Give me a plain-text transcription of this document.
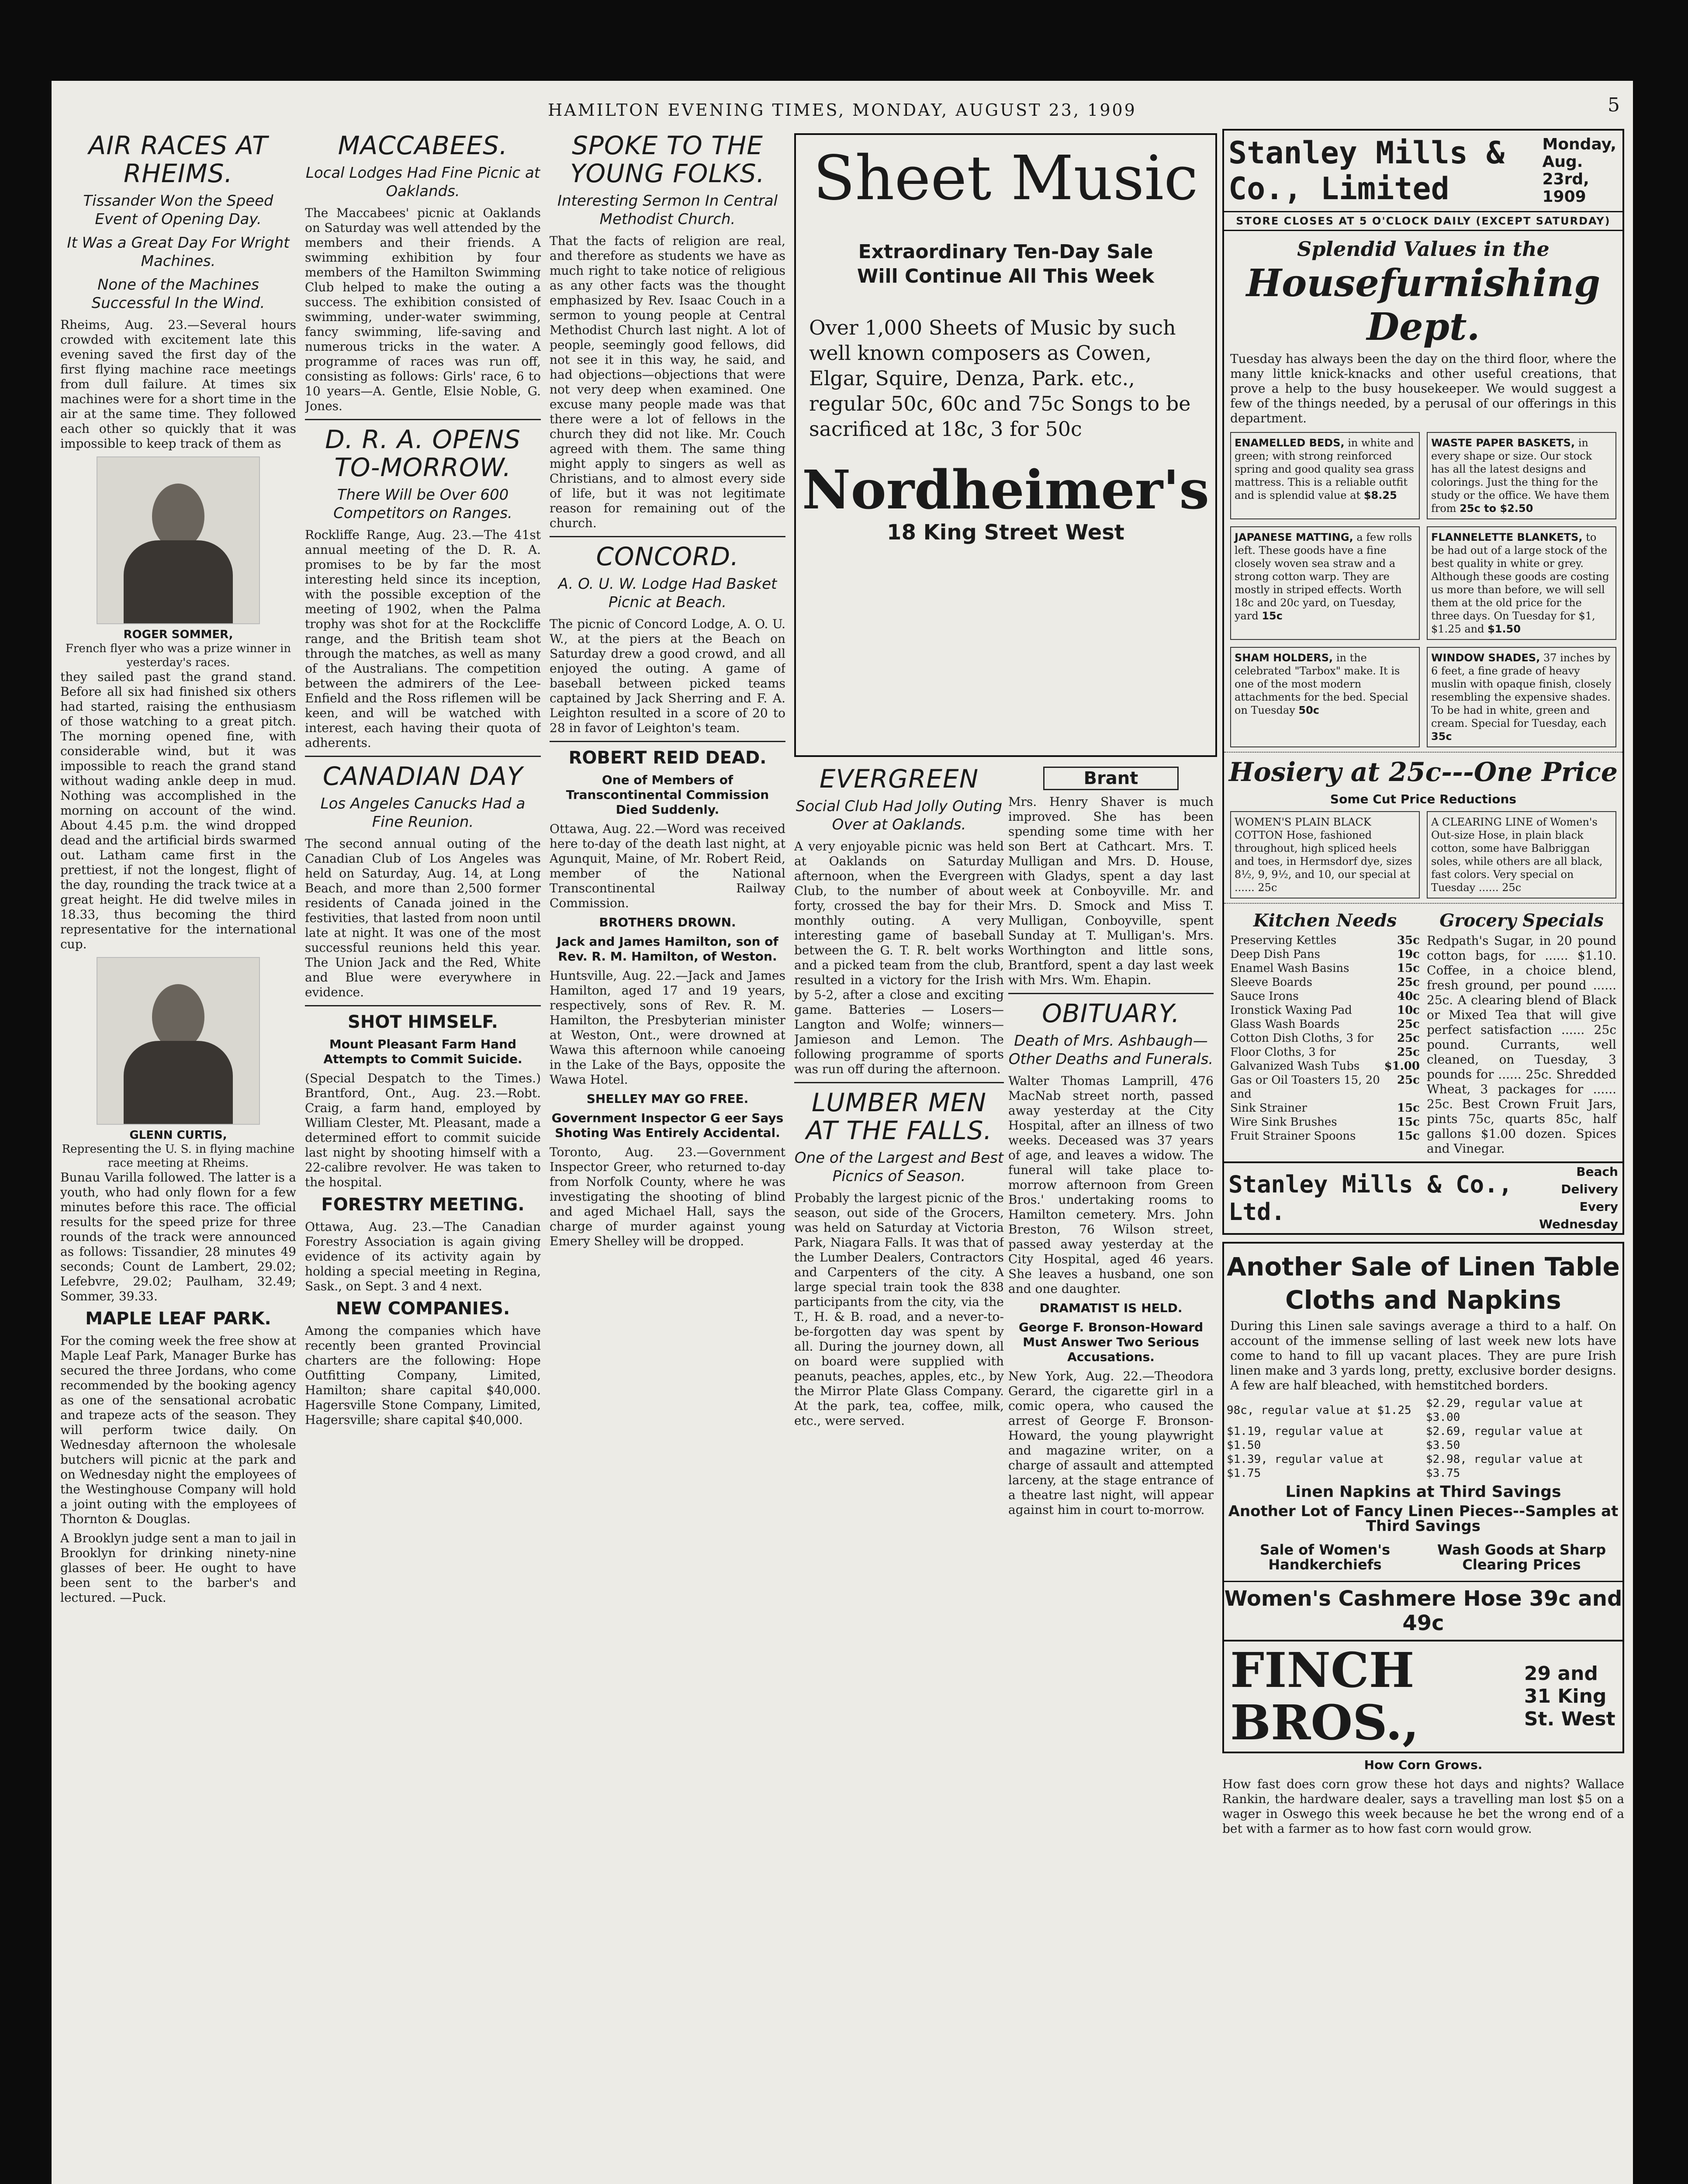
HAMILTON EVENING TIMES, MONDAY, AUGUST 23, 1909	5
AIR RACES AT RHEIMS.
Tissander Won the Speed Event of Opening Day.
It Was a Great Day For Wright Machines.
None of the Machines Successful In the Wind.

Rheims, Aug. 23.—Several hours crowded with excitement late this evening saved the first day of the first flying machine race meetings from dull failure. At times six machines were for a short time in the air at the same time. They followed each other so quickly that it was impossible to keep track of them as

ROGER SOMMER,
French flyer who was a prize winner in yesterday's races.

they sailed past the grand stand. Before all six had finished six others had started, raising the enthusiasm of those watching to a great pitch. The morning opened fine, with considerable wind, but it was impossible to reach the grand stand without wading ankle deep in mud. Nothing was accomplished in the morning on account of the wind. About 4.45 p.m. the wind dropped dead and the artificial birds swarmed out. Latham came first in the prettiest, if not the longest, flight of the day, rounding the track twice at a great height. He did twelve miles in 18.33, thus becoming the third representative for the international cup.

GLENN CURTIS,
Representing the U. S. in flying machine race meeting at Rheims.

Bunau Varilla followed. The latter is a youth, who had only flown for a few minutes before this race. The official results for the speed prize for three rounds of the track were announced as follows: Tissandier, 28 minutes 49 seconds; Count de Lambert, 29.02; Lefebvre, 29.02; Paulham, 32.49; Sommer, 39.33.

MAPLE LEAF PARK.

For the coming week the free show at Maple Leaf Park, Manager Burke has secured the three Jordans, who come recommended by the booking agency as one of the sensational acrobatic and trapeze acts of the season. They will perform twice daily. On Wednesday afternoon the wholesale butchers will picnic at the park and on Wednesday night the employees of the Westinghouse Company will hold a joint outing with the employees of Thornton & Douglas.

A Brooklyn judge sent a man to jail in Brooklyn for drinking ninety-nine glasses of beer. He ought to have been sent to the barber's and lectured. —Puck.

MACCABEES.
Local Lodges Had Fine Picnic at Oaklands.

The Maccabees' picnic at Oaklands on Saturday was well attended by the members and their friends. A swimming exhibition by four members of the Hamilton Swimming Club helped to make the outing a success. The exhibition consisted of swimming, under-water swimming, fancy swimming, life-saving and numerous tricks in the water. A programme of races was run off, consisting as follows: Girls' race, 6 to 10 years—A. Gentle, Elsie Noble, G. Jones.

D. R. A. OPENS TO-MORROW.
There Will be Over 600 Competitors on Ranges.

Rockliffe Range, Aug. 23.—The 41st annual meeting of the D. R. A. promises to be by far the most interesting held since its inception, with the possible exception of the meeting of 1902, when the Palma trophy was shot for at the Rockcliffe range, and the British team shot through the matches, as well as many of the Australians. The competition between the admirers of the Lee-Enfield and the Ross riflemen will be keen, and will be watched with interest, each having their quota of adherents.

CANADIAN DAY
Los Angeles Canucks Had a Fine Reunion.

The second annual outing of the Canadian Club of Los Angeles was held on Saturday, Aug. 14, at Long Beach, and more than 2,500 former residents of Canada joined in the festivities, that lasted from noon until late at night. It was one of the most successful reunions held this year. The Union Jack and the Red, White and Blue were everywhere in evidence.

SHOT HIMSELF.
Mount Pleasant Farm Hand Attempts to Commit Suicide.

(Special Despatch to the Times.) Brantford, Ont., Aug. 23.—Robt. Craig, a farm hand, employed by William Clester, Mt. Pleasant, made a determined effort to commit suicide last night by shooting himself with a 22-calibre revolver. He was taken to the hospital.

FORESTRY MEETING.

Ottawa, Aug. 23.—The Canadian Forestry Association is again giving evidence of its activity again by holding a special meeting in Regina, Sask., on Sept. 3 and 4 next.

NEW COMPANIES.

Among the companies which have recently been granted Provincial charters are the following: Hope Outfitting Company, Limited, Hamilton; share capital $40,000. Hagersville Stone Company, Limited, Hagersville; share capital $40,000.

SPOKE TO THE YOUNG FOLKS.
Interesting Sermon In Central Methodist Church.

That the facts of religion are real, and therefore as students we have as much right to take notice of religious as any other facts was the thought emphasized by Rev. Isaac Couch in a sermon to young people at Central Methodist Church last night. A lot of people, seemingly good fellows, did not see it in this way, he said, and had objections—objections that were not very deep when examined. One excuse many people made was that there were a lot of fellows in the church they did not like. Mr. Couch agreed with them. The same thing might apply to singers as well as Christians, and to almost every side of life, but it was not legitimate reason for remaining out of the church.

CONCORD.
A. O. U. W. Lodge Had Basket Picnic at Beach.

The picnic of Concord Lodge, A. O. U. W., at the piers at the Beach on Saturday drew a good crowd, and all enjoyed the outing. A game of baseball between picked teams captained by Jack Sherring and F. A. Leighton resulted in a score of 20 to 28 in favor of Leighton's team.

ROBERT REID DEAD.
One of Members of Transcontinental Commission Died Suddenly.

Ottawa, Aug. 22.—Word was received here to-day of the death last night, at Agunquit, Maine, of Mr. Robert Reid, member of the National Transcontinental Railway Commission.

BROTHERS DROWN.
Jack and James Hamilton, son of Rev. R. M. Hamilton, of Weston.

Huntsville, Aug. 22.—Jack and James Hamilton, aged 17 and 19 years, respectively, sons of Rev. R. M. Hamilton, the Presbyterian minister at Weston, Ont., were drowned at Wawa this afternoon while canoeing in the Lake of the Bays, opposite the Wawa Hotel.

SHELLEY MAY GO FREE.
Government Inspector G eer Says Shoting Was Entirely Accidental.

Toronto, Aug. 23.—Government Inspector Greer, who returned to-day from Norfolk County, where he was investigating the shooting of blind and aged Michael Hall, says the charge of murder against young Emery Shelley will be dropped.

Sheet Music
Extraordinary Ten-Day Sale
Will Continue All This Week
Over 1,000 Sheets of Music by such well known composers as Cowen, Elgar, Squire, Denza, Park. etc., regular 50c, 60c and 75c Songs to be sacrificed at 18c, 3 for 50c
Nordheimer's
18 King Street West
EVERGREEN
Social Club Had Jolly Outing Over at Oaklands.

A very enjoyable picnic was held at Oaklands on Saturday afternoon, when the Evergreen Club, to the number of about forty, crossed the bay for their monthly outing. A very interesting game of baseball between the G. T. R. belt works and a picked team from the club, resulted in a victory for the Irish by 5-2, after a close and exciting game. Batteries — Losers—Langton and Wolfe; winners—Jamieson and Lemon. The following programme of sports was run off during the afternoon.

LUMBER MEN AT THE FALLS.
One of the Largest and Best Picnics of Season.

Probably the largest picnic of the season, out side of the Grocers, was held on Saturday at Victoria Park, Niagara Falls. It was that of the Lumber Dealers, Contractors and Carpenters of the city. A large special train took the 838 participants from the city, via the T., H. & B. road, and a never-to-be-forgotten day was spent by all. During the journey down, all on board were supplied with peanuts, peaches, apples, etc., by the Mirror Plate Glass Company. At the park, tea, coffee, milk, etc., were served.

Brant

Mrs. Henry Shaver is much improved. She has been spending some time with her son Bert at Cathcart. Mrs. T. Mulligan and Mrs. D. House, with Gladys, spent a day last week at Conboyville. Mr. and Mrs. D. Smock and Miss T. Mulligan, Conboyville, spent Sunday at T. Mulligan's. Mrs. Worthington and little sons, Brantford, spent a day last week with Mrs. Wm. Ehapin.

OBITUARY.
Death of Mrs. Ashbaugh—Other Deaths and Funerals.

Walter Thomas Lamprill, 476 MacNab street north, passed away yesterday at the City Hospital, after an illness of two weeks. Deceased was 37 years of age, and leaves a widow. The funeral will take place to-morrow afternoon from Green Bros.' undertaking rooms to Hamilton cemetery. Mrs. John Breston, 76 Wilson street, passed away yesterday at the City Hospital, aged 46 years. She leaves a husband, one son and one daughter.

DRAMATIST IS HELD.
George F. Bronson-Howard Must Answer Two Serious Accusations.

New York, Aug. 22.—Theodora Gerard, the cigarette girl in a comic opera, who caused the arrest of George F. Bronson-Howard, the young playwright and magazine writer, on a charge of assault and attempted larceny, at the stage entrance of a theatre last night, will appear against him in court to-morrow.

Stanley Mills & Co., Limited
Monday, Aug. 23rd, 1909
STORE CLOSES AT 5 O'CLOCK DAILY (EXCEPT SATURDAY)
Splendid Values in the
Housefurnishing Dept.

Tuesday has always been the day on the third floor, where the many little knick-knacks and other useful creations, that prove a help to the busy housekeeper. We would suggest a few of the things needed, by a perusal of our offerings in this department.

ENAMELLED BEDS, in white and green; with strong reinforced spring and good quality sea grass mattress. This is a reliable outfit and is splendid value at $8.25
WASTE PAPER BASKETS, in every shape or size. Our stock has all the latest designs and colorings. Just the thing for the study or the office. We have them from 25c to $2.50
JAPANESE MATTING, a few rolls left. These goods have a fine closely woven sea straw and a strong cotton warp. They are mostly in striped effects. Worth 18c and 20c yard, on Tuesday, yard 15c
FLANNELETTE BLANKETS, to be had out of a large stock of the best quality in white or grey. Although these goods are costing us more than before, we will sell them at the old price for the three days. On Tuesday for $1, $1.25 and $1.50
SHAM HOLDERS, in the celebrated "Tarbox" make. It is one of the most modern attachments for the bed. Special on Tuesday 50c
WINDOW SHADES, 37 inches by 6 feet, a fine grade of heavy muslin with opaque finish, closely resembling the expensive shades. To be had in white, green and cream. Special for Tuesday, each 35c
Hosiery at 25c---One Price
Some Cut Price Reductions
WOMEN'S PLAIN BLACK COTTON Hose, fashioned throughout, high spliced heels and toes, in Hermsdorf dye, sizes 8½, 9, 9½, and 10, our special at ...... 25c
A CLEARING LINE of Women's Out-size Hose, in plain black cotton, some have Balbriggan soles, while others are all black, fast colors. Very special on Tuesday ...... 25c
Kitchen Needs
Preserving Kettles	35c
Deep Dish Pans	19c
Enamel Wash Basins	15c
Sleeve Boards	25c
Sauce Irons	40c
Ironstick Waxing Pad	10c
Glass Wash Boards	25c
Cotton Dish Cloths, 3 for 25c
Floor Cloths, 3 for	25c
Galvanized Wash Tubs $1.00
Gas or Oil Toasters 15, 20 and
25c
Sink Strainer	15c
Wire Sink Brushes	15c
Fruit Strainer Spoons	15c
Grocery Specials

Redpath's Sugar, in 20 pound cotton bags, for ...... $1.10. Coffee, in a choice blend, fresh ground, per pound ...... 25c. A clearing blend of Black or Mixed Tea that will give perfect satisfaction ...... 25c pound. Currants, well cleaned, on Tuesday, 3 pounds for ...... 25c. Shredded Wheat, 3 packages for ...... 25c. Best Crown Fruit Jars, pints 75c, quarts 85c, half gallons $1.00 dozen. Spices and Vinegar.

Stanley Mills & Co., Ltd.
Beach Delivery Every Wednesday
Another Sale of Linen Table
Cloths and Napkins

During this Linen sale savings average a third to a half. On account of the immense selling of last week new lots have come to hand to fill up vacant places. They are pure Irish linen make and 3 yards long, pretty, exclusive border designs. A few are half bleached, with hemstitched borders.

98c, regular value at $1.25	$2.29, regular value at $3.00
$1.19, regular value at $1.50	$2.69, regular value at $3.50
$1.39, regular value at $1.75	$2.98, regular value at $3.75
Linen Napkins at Third Savings
Another Lot of Fancy Linen Pieces--Samples at Third Savings
Sale of Women's Handkerchiefs
Wash Goods at Sharp Clearing Prices
Women's Cashmere Hose 39c and 49c
FINCH BROS.,
29 and 31 King St. West
How Corn Grows.

How fast does corn grow these hot days and nights? Wallace Rankin, the hardware dealer, says a travelling man lost $5 on a wager in Oswego this week because he bet the wrong end of a bet with a farmer as to how fast corn would grow.
